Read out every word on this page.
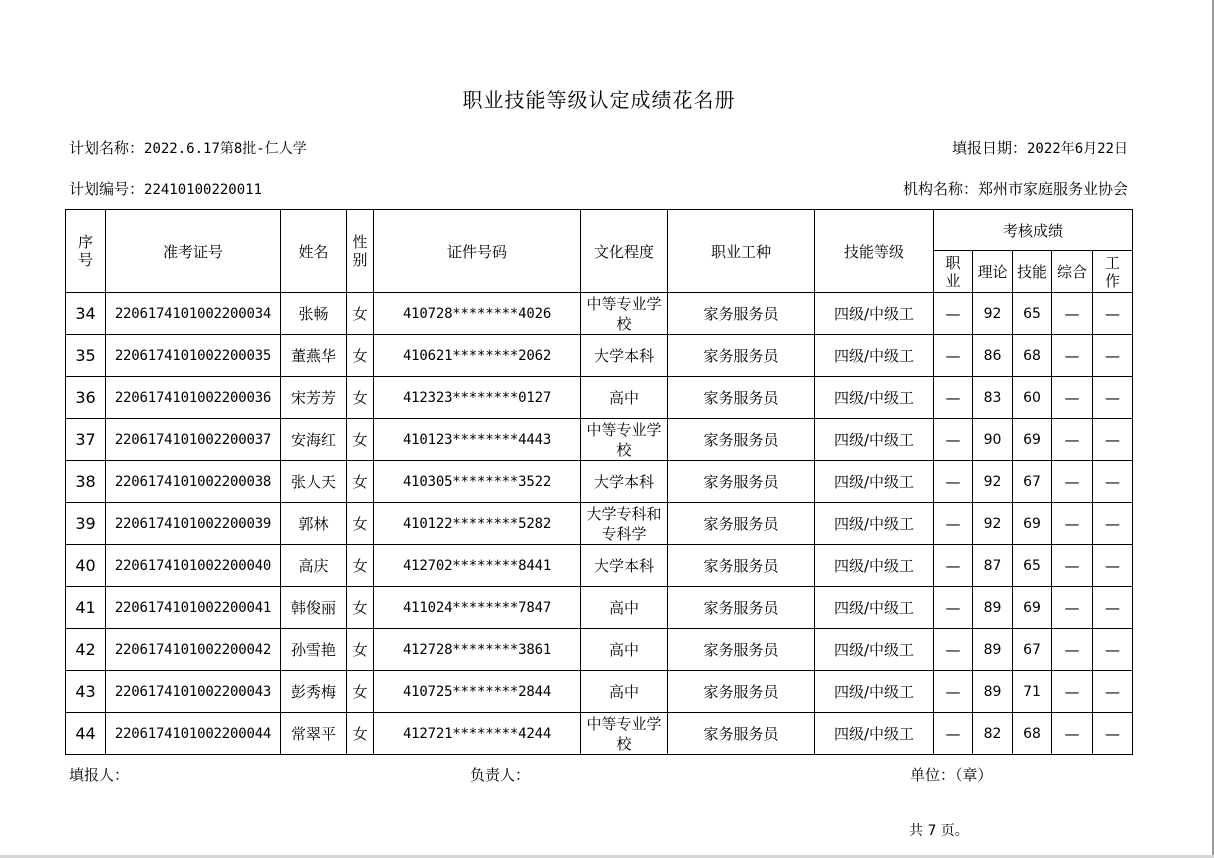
职业技能等级认定成绩花名册
计划名称：2022.6.17第8批-仁人学	填报日期：2022年6月22日
计划编号：22410100220011	机构名称：郑州市家庭服务业协会
序号	准考证号	姓名	性别	证件号码	文化程度	职业工种	技能等级	考核成绩				
								职业	理论	技能	综合	工作
34	2206174101002200034	张畅	女	410728********4026	中等专业学校	家务服务员	四级/中级工	—	92	65	—	—
35	2206174101002200035	董燕华	女	410621********2062	大学本科	家务服务员	四级/中级工	—	86	68	—	—
36	2206174101002200036	宋芳芳	女	412323********0127	高中	家务服务员	四级/中级工	—	83	60	—	—
37	2206174101002200037	安海红	女	410123********4443	中等专业学校	家务服务员	四级/中级工	—	90	69	—	—
38	2206174101002200038	张人天	女	410305********3522	大学本科	家务服务员	四级/中级工	—	92	67	—	—
39	2206174101002200039	郭林	女	410122********5282	大学专科和专科学	家务服务员	四级/中级工	—	92	69	—	—
40	2206174101002200040	高庆	女	412702********8441	大学本科	家务服务员	四级/中级工	—	87	65	—	—
41	2206174101002200041	韩俊丽	女	411024********7847	高中	家务服务员	四级/中级工	—	89	69	—	—
42	2206174101002200042	孙雪艳	女	412728********3861	高中	家务服务员	四级/中级工	—	89	67	—	—
43	2206174101002200043	彭秀梅	女	410725********2844	高中	家务服务员	四级/中级工	—	89	71	—	—
44	2206174101002200044	常翠平	女	412721********4244	中等专业学校	家务服务员	四级/中级工	—	82	68	—	—
填报人：	负责人：	单位：（章）
共 7 页。
